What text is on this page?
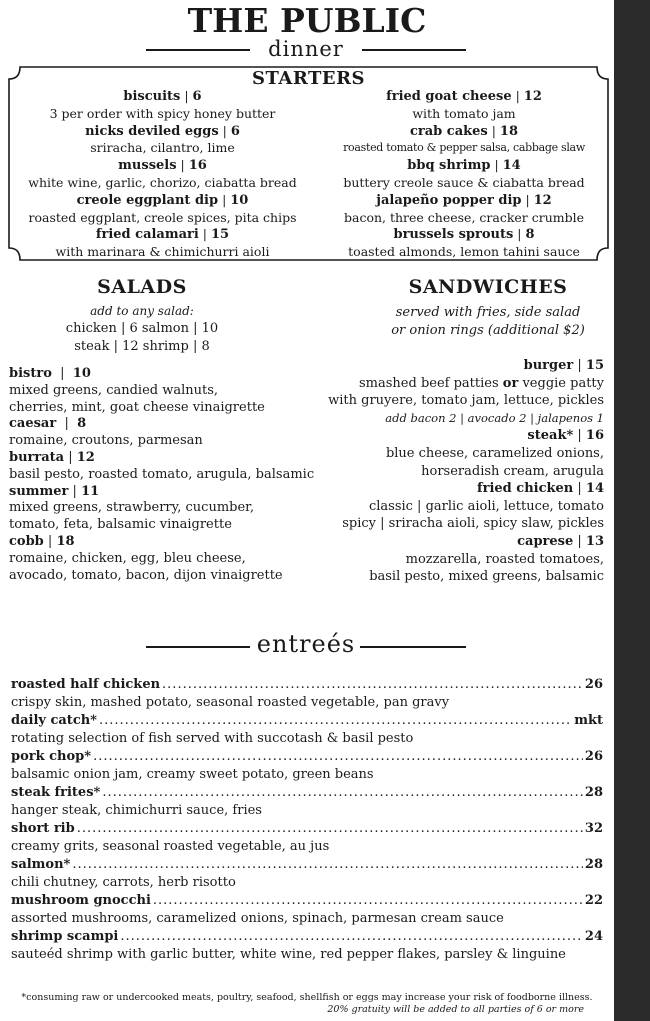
THE PUBLIC
dinner
STARTERS
biscuits | 6
3 per order with spicy honey butter
nicks deviled eggs | 6
sriracha, cilantro, lime
mussels | 16
white wine, garlic, chorizo, ciabatta bread
creole eggplant dip | 10
roasted eggplant, creole spices, pita chips
fried calamari | 15
with marinara & chimichurri aioli
fried goat cheese | 12
with tomato jam
crab cakes | 18
roasted tomato & pepper salsa, cabbage slaw
bbq shrimp | 14
buttery creole sauce & ciabatta bread
jalapeño popper dip | 12
bacon, three cheese, cracker crumble
brussels sprouts | 8
toasted almonds, lemon tahini sauce
SALADS
add to any salad:
chicken | 6 salmon | 10
steak | 12 shrimp | 8
bistro  |  10
mixed greens, candied walnuts,
cherries, mint, goat cheese vinaigrette
caesar  |  8
romaine, croutons, parmesan
burrata | 12
basil pesto, roasted tomato, arugula, balsamic
summer | 11
mixed greens, strawberry, cucumber,
tomato, feta, balsamic vinaigrette
cobb | 18
romaine, chicken, egg, bleu cheese,
avocado, tomato, bacon, dijon vinaigrette
SANDWICHES
served with fries, side salad
or onion rings (additional $2)
burger | 15
smashed beef patties or veggie patty
with gruyere, tomato jam, lettuce, pickles
add bacon 2 | avocado 2 | jalapenos 1
steak* | 16
blue cheese, caramelized onions,
horseradish cream, arugula
fried chicken | 14
classic | garlic aioli, lettuce, tomato
spicy | sriracha aioli, spicy slaw, pickles
caprese | 13
mozzarella, roasted tomatoes,
basil pesto, mixed greens, balsamic
entreés
roasted half chicken .....	26
crispy skin, mashed potato, seasonal roasted vegetable, pan gravy
daily catch* .....	mkt
rotating selection of fish served with succotash & basil pesto
pork chop* .....	26
balsamic onion jam, creamy sweet potato, green beans
steak frites* .....	28
hanger steak, chimichurri sauce, fries
short rib .....	32
creamy grits, seasonal roasted vegetable, au jus
salmon* .....	28
chili chutney, carrots, herb risotto
mushroom gnocchi .....	22
assorted mushrooms, caramelized onions, spinach, parmesan cream sauce
shrimp scampi .....	24
sauteéd shrimp with garlic butter, white wine, red pepper flakes, parsley & linguine
*consuming raw or undercooked meats, poultry, seafood, shellfish or eggs may increase your risk of foodborne illness.
20% gratuity will be added to all parties of 6 or more
